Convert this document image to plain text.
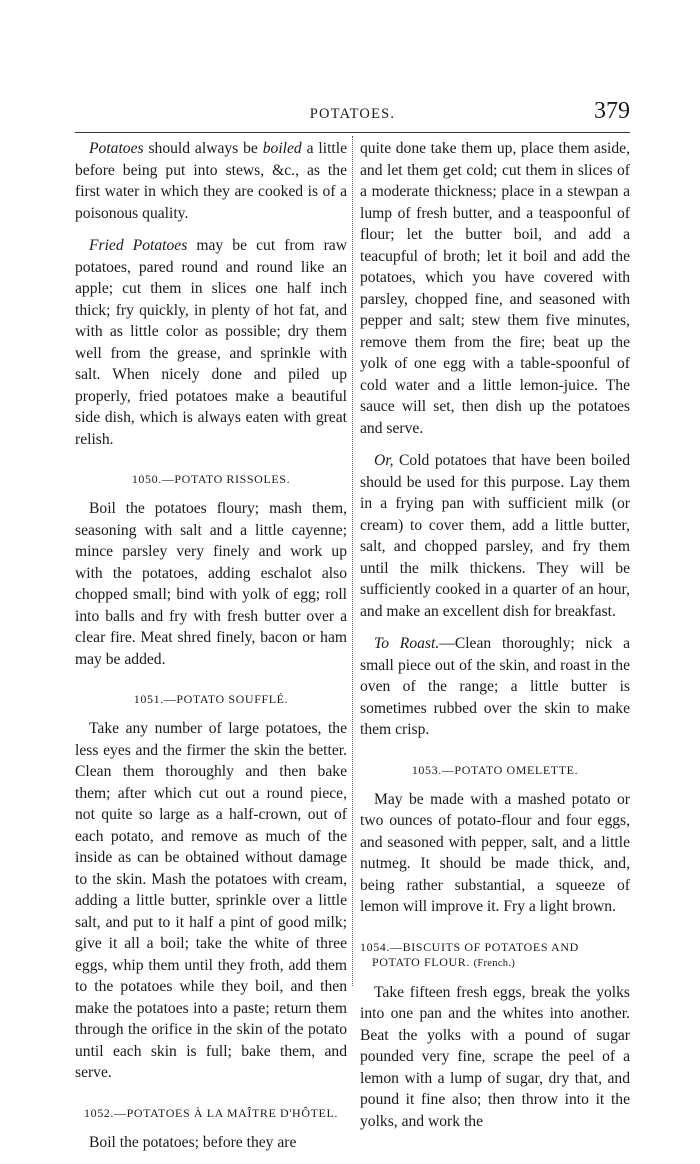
POTATOES.	379

Potatoes should always be boiled a little before being put into stews, &c., as the first water in which they are cooked is of a poisonous quality.

Fried Potatoes may be cut from raw potatoes, pared round and round like an apple; cut them in slices one half inch thick; fry quickly, in plenty of hot fat, and with as little color as possible; dry them well from the grease, and sprinkle with salt. When nicely done and piled up properly, fried potatoes make a beautiful side dish, which is always eaten with great relish.

1050.—POTATO RISSOLES.

Boil the potatoes floury; mash them, seasoning with salt and a little cayenne; mince parsley very finely and work up with the potatoes, adding eschalot also chopped small; bind with yolk of egg; roll into balls and fry with fresh butter over a clear fire. Meat shred finely, bacon or ham may be added.

1051.—POTATO SOUFFLÉ.

Take any number of large potatoes, the less eyes and the firmer the skin the better. Clean them thoroughly and then bake them; after which cut out a round piece, not quite so large as a half-crown, out of each potato, and remove as much of the inside as can be obtained without damage to the skin. Mash the potatoes with cream, adding a little butter, sprinkle over a little salt, and put to it half a pint of good milk; give it all a boil; take the white of three eggs, whip them until they froth, add them to the potatoes while they boil, and then make the potatoes into a paste; return them through the orifice in the skin of the potato until each skin is full; bake them, and serve.

1052.—POTATOES À LA MAÎTRE D'HÔTEL.

Boil the potatoes; before they are

quite done take them up, place them aside, and let them get cold; cut them in slices of a moderate thickness; place in a stewpan a lump of fresh butter, and a teaspoonful of flour; let the butter boil, and add a teacupful of broth; let it boil and add the potatoes, which you have covered with parsley, chopped fine, and seasoned with pepper and salt; stew them five minutes, remove them from the fire; beat up the yolk of one egg with a table-spoonful of cold water and a little lemon-juice. The sauce will set, then dish up the potatoes and serve.

Or, Cold potatoes that have been boiled should be used for this purpose. Lay them in a frying pan with sufficient milk (or cream) to cover them, add a little butter, salt, and chopped parsley, and fry them until the milk thickens. They will be sufficiently cooked in a quarter of an hour, and make an excellent dish for breakfast.

To Roast.—Clean thoroughly; nick a small piece out of the skin, and roast in the oven of the range; a little butter is sometimes rubbed over the skin to make them crisp.

1053.—POTATO OMELETTE.

May be made with a mashed potato or two ounces of potato-flour and four eggs, and seasoned with pepper, salt, and a little nutmeg. It should be made thick, and, being rather substantial, a squeeze of lemon will improve it. Fry a light brown.

1054.—BISCUITS OF POTATOES AND POTATO FLOUR. (French.)

Take fifteen fresh eggs, break the yolks into one pan and the whites into another. Beat the yolks with a pound of sugar pounded very fine, scrape the peel of a lemon with a lump of sugar, dry that, and pound it fine also; then throw into it the yolks, and work the
